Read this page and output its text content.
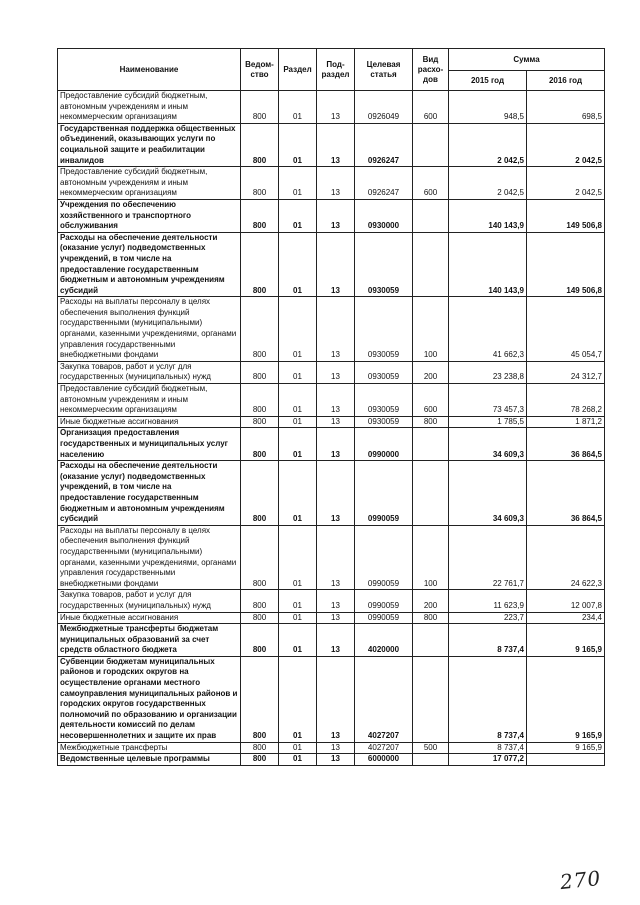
Наименование	Ведом-ство	Раздел	Под-раздел	Целевая статья	Вид расхо-дов	Сумма	
						2015 год	2016 год
Предоставление субсидий бюджетным, автономным учреждениям и иным некоммерческим организациям	800	01	13	0926049	600	948,5	698,5
Государственная поддержка общественных объединений, оказывающих услуги по социальной защите и реабилитации инвалидов	800	01	13	0926247		2 042,5	2 042,5
Предоставление субсидий бюджетным, автономным учреждениям и иным некоммерческим организациям	800	01	13	0926247	600	2 042,5	2 042,5
Учреждения по обеспечению хозяйственного и транспортного обслуживания	800	01	13	0930000		140 143,9	149 506,8
Расходы на обеспечение деятельности (оказание услуг) подведомственных учреждений, в том числе на предоставление государственным бюджетным и автономным учреждениям субсидий	800	01	13	0930059		140 143,9	149 506,8
Расходы на выплаты персоналу в целях обеспечения выполнения функций государственными (муниципальными) органами, казенными учреждениями, органами управления государственными внебюджетными фондами	800	01	13	0930059	100	41 662,3	45 054,7
Закупка товаров, работ и услуг для государственных (муниципальных) нужд	800	01	13	0930059	200	23 238,8	24 312,7
Предоставление субсидий бюджетным, автономным учреждениям и иным некоммерческим организациям	800	01	13	0930059	600	73 457,3	78 268,2
Иные бюджетные ассигнования	800	01	13	0930059	800	1 785,5	1 871,2
Организация предоставления государственных и муниципальных услуг населению	800	01	13	0990000		34 609,3	36 864,5
Расходы на обеспечение деятельности (оказание услуг) подведомственных учреждений, в том числе на предоставление государственным бюджетным и автономным учреждениям субсидий	800	01	13	0990059		34 609,3	36 864,5
Расходы на выплаты персоналу в целях обеспечения выполнения функций государственными (муниципальными) органами, казенными учреждениями, органами управления государственными внебюджетными фондами	800	01	13	0990059	100	22 761,7	24 622,3
Закупка товаров, работ и услуг для государственных (муниципальных) нужд	800	01	13	0990059	200	11 623,9	12 007,8
Иные бюджетные ассигнования	800	01	13	0990059	800	223,7	234,4
Межбюджетные трансферты бюджетам муниципальных образований за счет средств областного бюджета	800	01	13	4020000		8 737,4	9 165,9
Субвенции бюджетам муниципальных районов и городских округов на осуществление органами местного самоуправления муниципальных районов и городских округов государственных полномочий по образованию и организации деятельности комиссий по делам несовершеннолетних и защите их прав	800	01	13	4027207		8 737,4	9 165,9
Межбюджетные трансферты	800	01	13	4027207	500	8 737,4	9 165,9
Ведомственные целевые программы	800	01	13	6000000		17 077,2	
270
